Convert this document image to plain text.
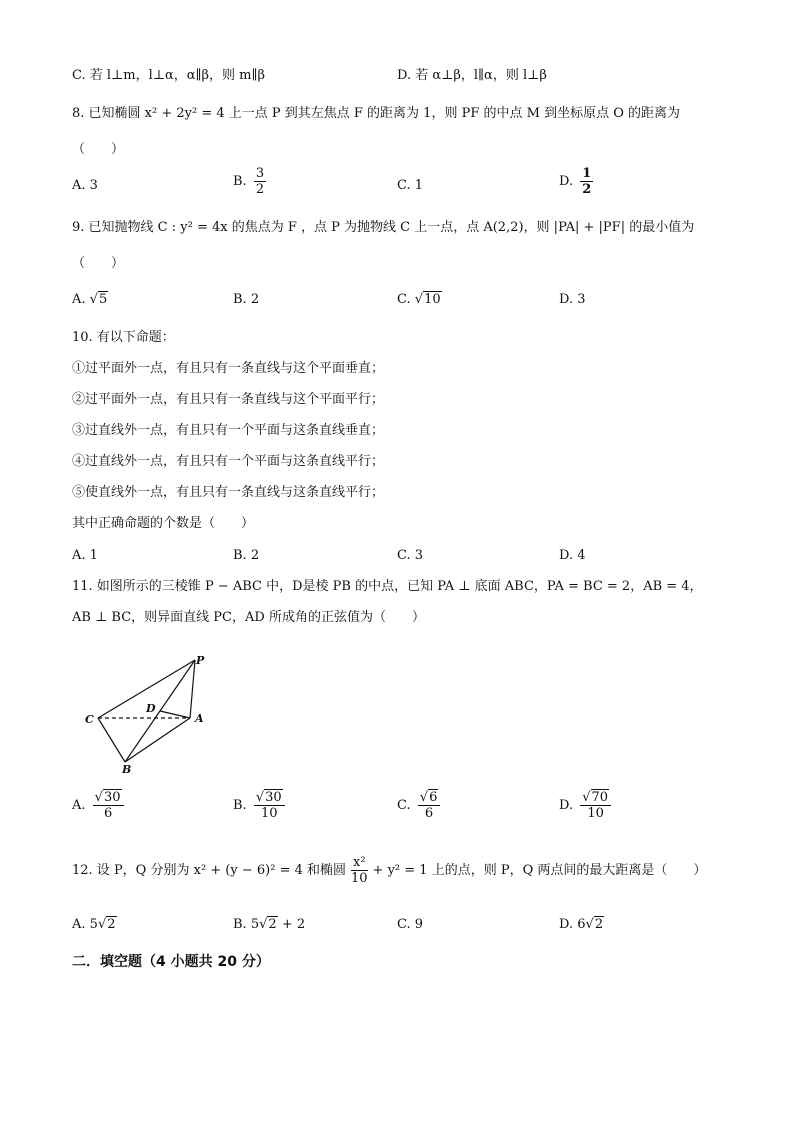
C. 若 l⊥m，l⊥α，α∥β，则 m∥β	D. 若 α⊥β，l∥α，则 l⊥β
8. 已知椭圆 x² + 2y² = 4 上一点 P 到其左焦点 F 的距离为 1，则 PF 的中点 M 到坐标原点 O 的距离为
（　　）
A. 3	B. $\frac{3}{2}$	C. 1	D. $\frac{1}{2}$
9. 已知抛物线 C : y² = 4x 的焦点为 F ，点 P 为抛物线 C 上一点，点 A(2,2)，则 |PA| + |PF| 的最小值为
（　　）
A. √5	B. 2	C. √10	D. 3
10. 有以下命题：
①过平面外一点，有且只有一条直线与这个平面垂直；
②过平面外一点，有且只有一条直线与这个平面平行；
③过直线外一点，有且只有一个平面与这条直线垂直；
④过直线外一点，有且只有一个平面与这条直线平行；
⑤使直线外一点，有且只有一条直线与这条直线平行；
其中正确命题的个数是（　　）
A. 1	B. 2	C. 3	D. 4
11. 如图所示的三棱锥 P − ABC 中，D是棱 PB 的中点，已知 PA ⊥ 底面 ABC，PA = BC = 2，AB = 4，
AB ⊥ BC，则异面直线 PC，AD 所成角的正弦值为（　　）
P
A
B
C
D
A. $\frac{√30}{6}$	B. $\frac{√30}{10}$	C. $\frac{√6}{6}$	D. $\frac{√70}{10}$
12. 设 P，Q 分别为 x² + (y − 6)² = 4 和椭圆 $\frac{\text{x²}}{10} + y^2 = 1$ 上的点，则 P，Q 两点间的最大距离是（　　）
A. 5√2	B. 5√2 + 2	C. 9	D. 6√2
二．填空题（4 小题共 20 分）
